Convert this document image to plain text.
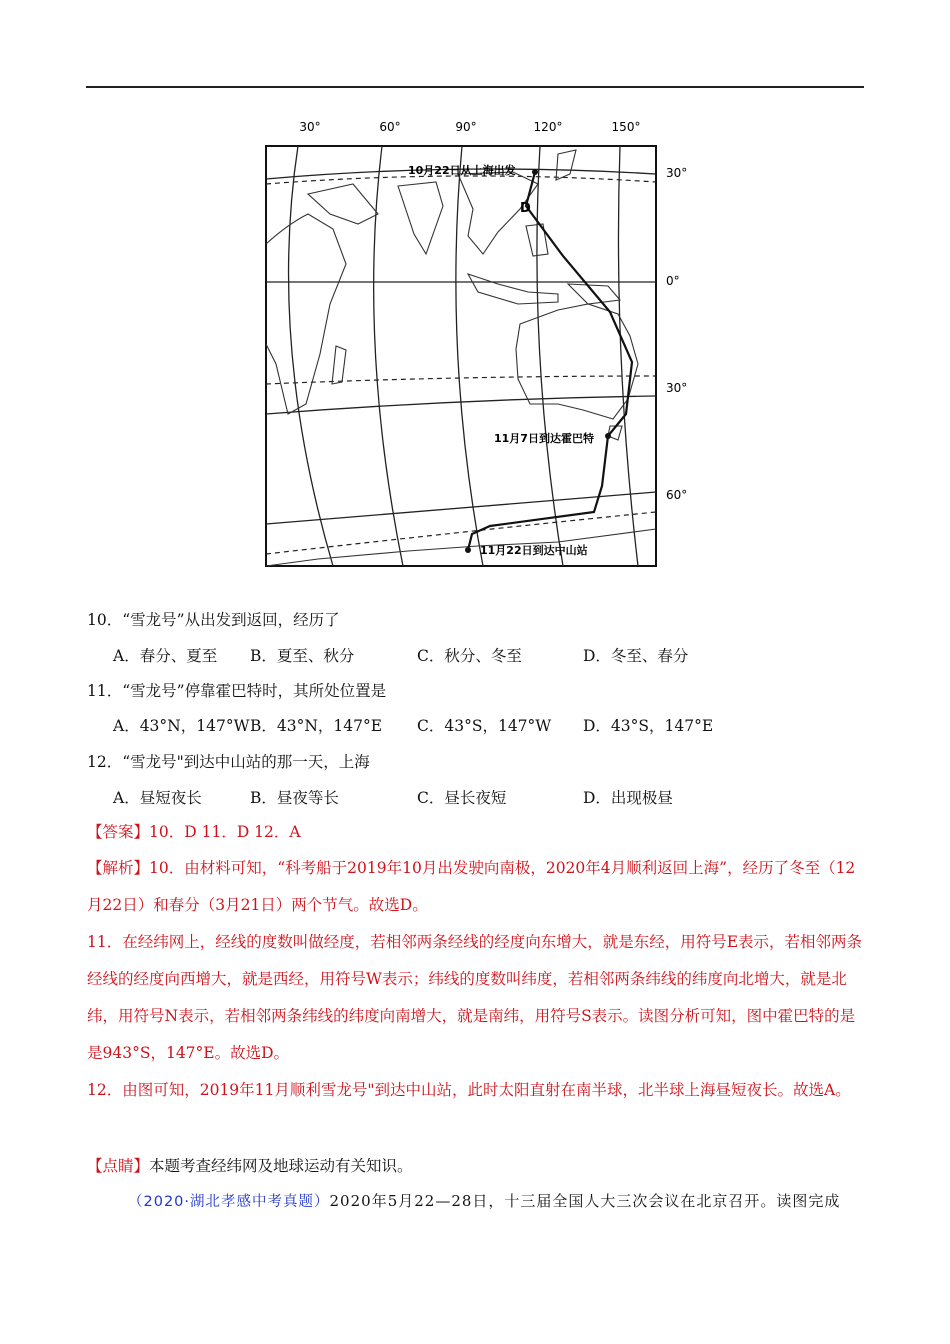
30°	60°	90°	120°	150°
30°
0°
30°
60°
10月22日从上海出发
D
11月7日到达霍巴特
11月22日到达中山站
10．“雪龙号”从出发到返回，经历了
A．春分、夏至 B．夏至、秋分	C．秋分、冬至	D．冬至、春分
11．“雪龙号”停靠霍巴特时，其所处位置是
A．43°N，147°W B．43°N，147°E C．43°S，147°W D．43°S，147°E
12．“雪龙号"到达中山站的那一天，上海
A．昼短夜长	B．昼夜等长	C．昼长夜短	D．出现极昼
【答案】10．D 11．D 12．A
【解析】10．由材料可知，“科考船于2019年10月出发驶向南极，2020年4月顺利返回上海”，经历了冬至（12月22日）和春分（3月21日）两个节气。故选D。
11．在经纬网上，经线的度数叫做经度，若相邻两条经线的经度向东增大，就是东经，用符号E表示，若相邻两条经线的经度向西增大，就是西经，用符号W表示；纬线的度数叫纬度，若相邻两条纬线的纬度向北增大，就是北纬，用符号N表示，若相邻两条纬线的纬度向南增大，就是南纬，用符号S表示。读图分析可知，图中霍巴特的是是943°S，147°E。故选D。
12．由图可知，2019年11月顺利雪龙号"到达中山站，此时太阳直射在南半球，北半球上海昼短夜长。故选A。
【点睛】本题考查经纬网及地球运动有关知识。
（2020·湖北孝感中考真题）2020年5月22—28日，十三届全国人大三次会议在北京召开。读图完成
